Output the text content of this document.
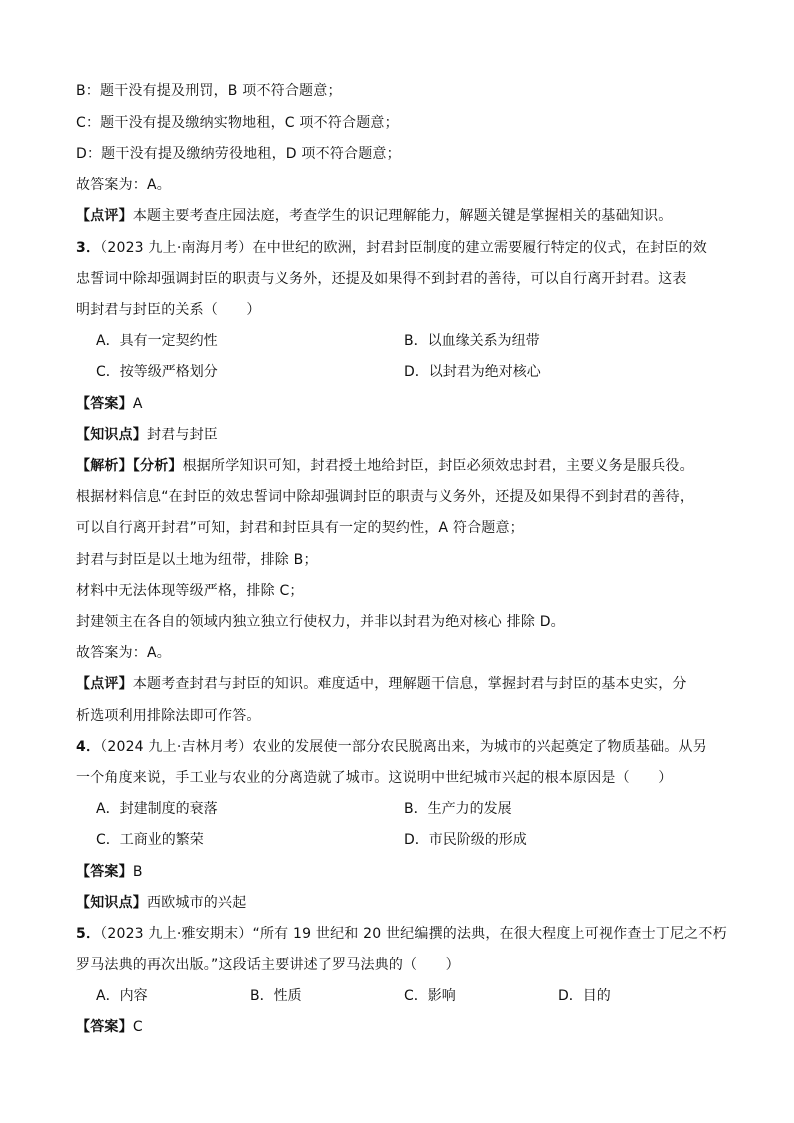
B：题干没有提及刑罚，B 项不符合题意；
C：题干没有提及缴纳实物地租，C 项不符合题意；
D：题干没有提及缴纳劳役地租，D 项不符合题意；
故答案为：A。
【点评】本题主要考查庄园法庭，考查学生的识记理解能力，解题关键是掌握相关的基础知识。
3．（2023 九上·南海月考）在中世纪的欧洲，封君封臣制度的建立需要履行特定的仪式，在封臣的效
忠誓词中除却强调封臣的职责与义务外，还提及如果得不到封君的善待，可以自行离开封君。这表
明封君与封臣的关系（　　）
A．具有一定契约性	B．以血缘关系为纽带
C．按等级严格划分	D．以封君为绝对核心
【答案】A
【知识点】封君与封臣
【解析】【分析】根据所学知识可知，封君授土地给封臣，封臣必须效忠封君，主要义务是服兵役。
根据材料信息“在封臣的效忠誓词中除却强调封臣的职责与义务外，还提及如果得不到封君的善待，
可以自行离开封君”可知，封君和封臣具有一定的契约性，A 符合题意；
封君与封臣是以土地为纽带，排除 B；
材料中无法体现等级严格，排除 C；
封建领主在各自的领域内独立独立行使权力，并非以封君为绝对核心 排除 D。
故答案为：A。
【点评】本题考查封君与封臣的知识。难度适中，理解题干信息，掌握封君与封臣的基本史实，分
析选项利用排除法即可作答。
4．（2024 九上·吉林月考）农业的发展使一部分农民脱离出来，为城市的兴起奠定了物质基础。从另
一个角度来说，手工业与农业的分离造就了城市。这说明中世纪城市兴起的根本原因是（　　）
A．封建制度的衰落	B．生产力的发展
C．工商业的繁荣	D．市民阶级的形成
【答案】B
【知识点】西欧城市的兴起
5．（2023 九上·雅安期末）“所有 19 世纪和 20 世纪编撰的法典，在很大程度上可视作查士丁尼之不朽
罗马法典的再次出版。”这段话主要讲述了罗马法典的（　　）
A．内容	B．性质	C．影响	D．目的
【答案】C
